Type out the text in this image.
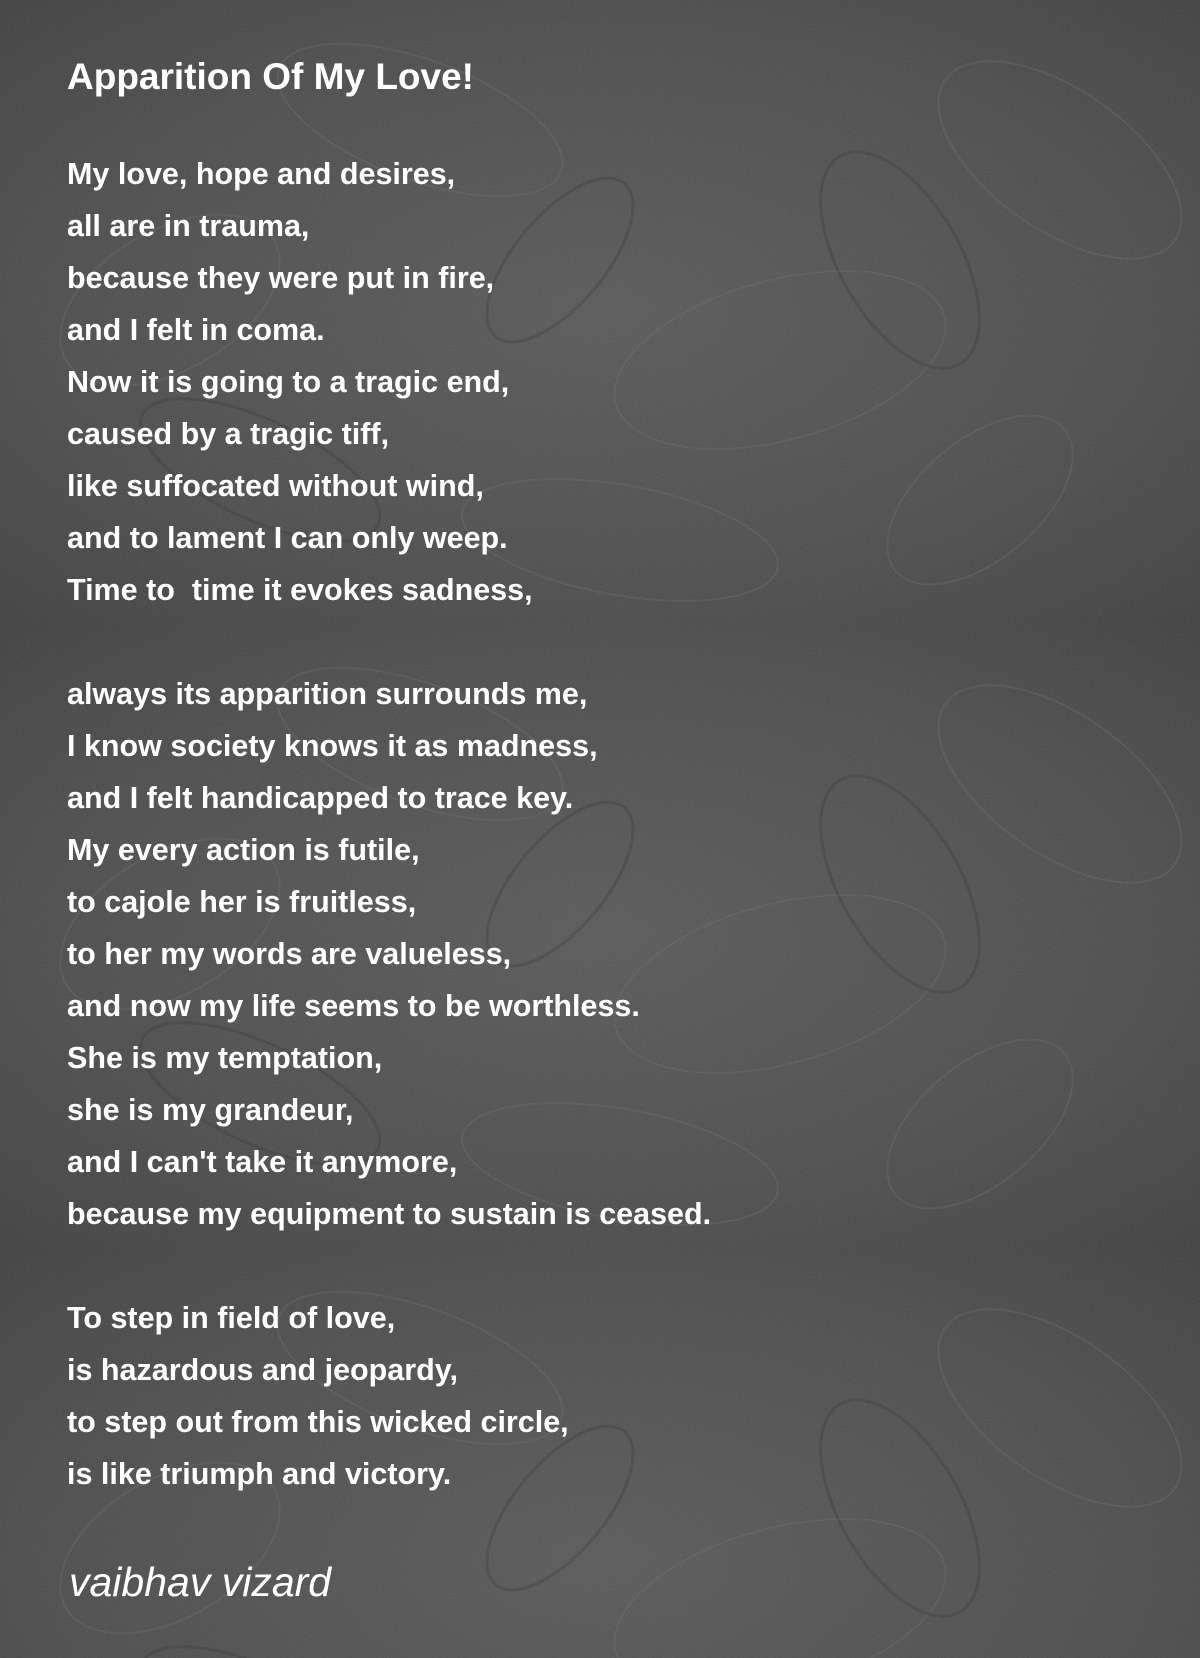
Apparition Of My Love!
My love, hope and desires,
all are in trauma,
because they were put in fire,
and I felt in coma.
Now it is going to a tragic end,
caused by a tragic tiff,
like suffocated without wind,
and to lament I can only weep.
Time to  time it evokes sadness,
always its apparition surrounds me,
I know society knows it as madness,
and I felt handicapped to trace key.
My every action is futile,
to cajole her is fruitless,
to her my words are valueless,
and now my life seems to be worthless.
She is my temptation,
she is my grandeur,
and I can't take it anymore,
because my equipment to sustain is ceased.
To step in field of love,
is hazardous and jeopardy,
to step out from this wicked circle,
is like triumph and victory.
vaibhav vizard
